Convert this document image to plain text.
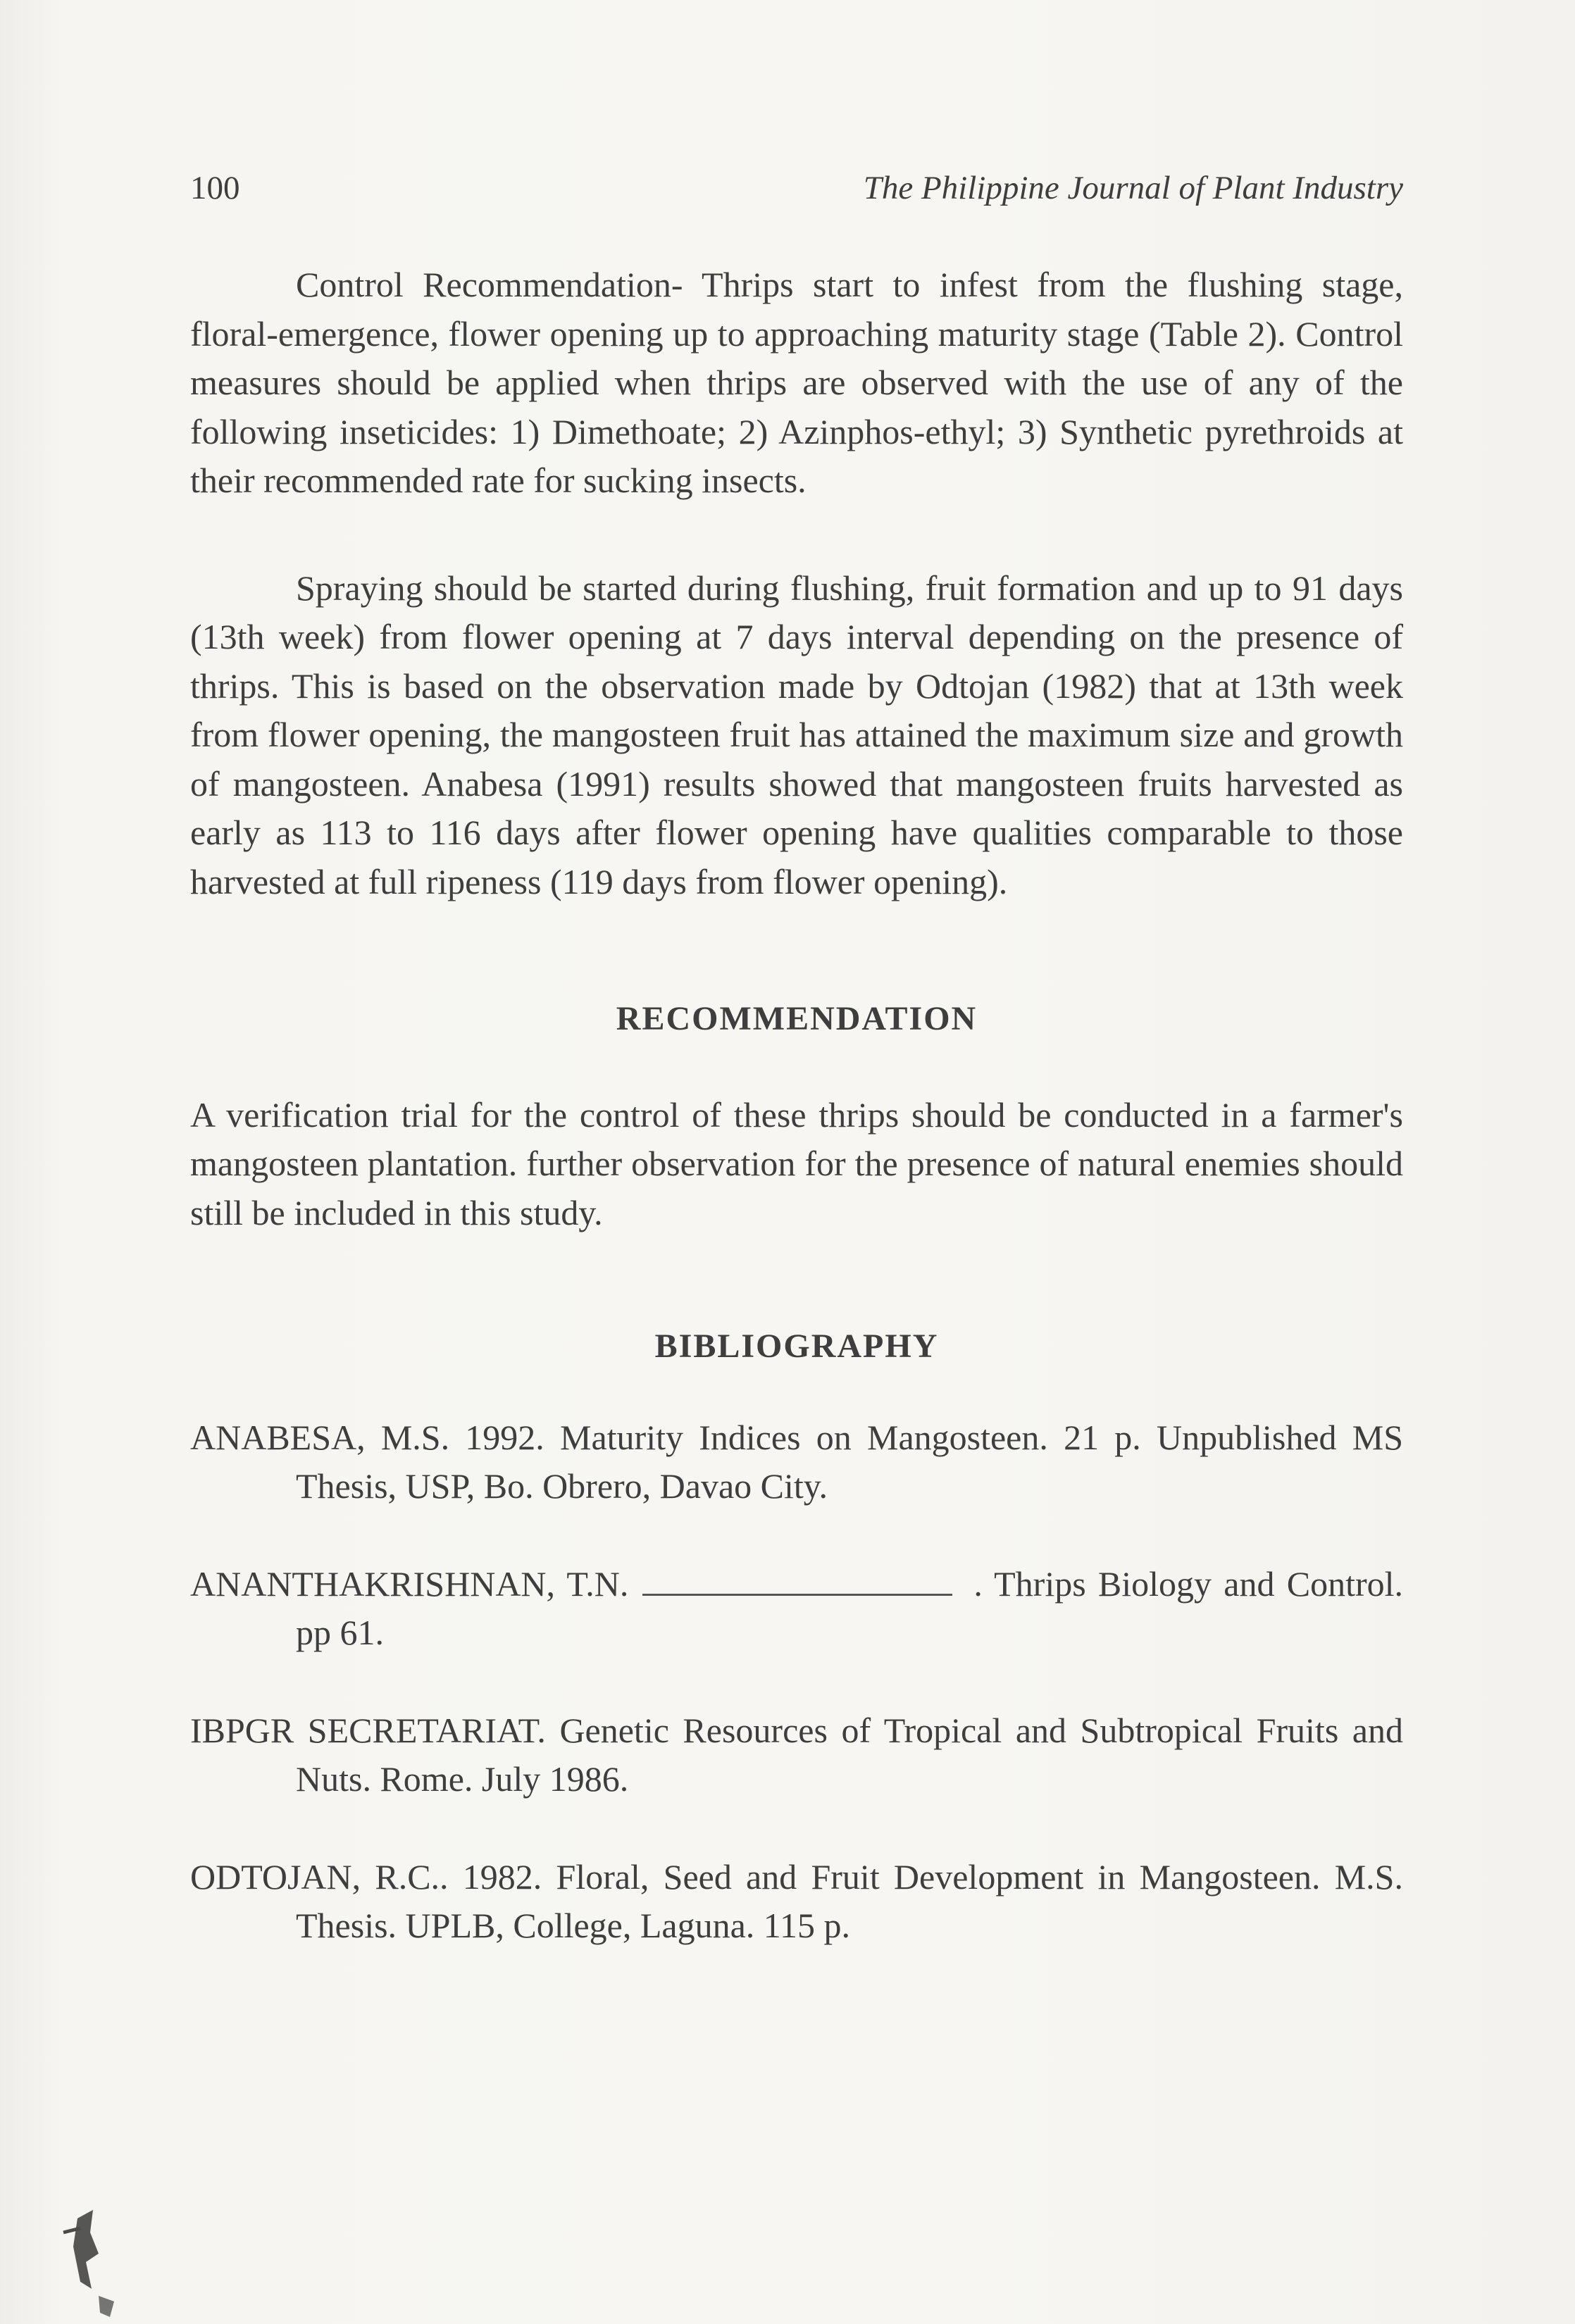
100	The Philippine Journal of Plant Industry

Control Recommendation- Thrips start to infest from the flushing stage, floral-emergence, flower opening up to approaching maturity stage (Table 2). Control measures should be applied when thrips are observed with the use of any of the following inseticides: 1) Dimethoate; 2) Azinphos-ethyl; 3) Synthetic pyrethroids at their recommended rate for sucking insects.

Spraying should be started during flushing, fruit formation and up to 91 days (13th week) from flower opening at 7 days interval depending on the presence of thrips. This is based on the observation made by Odtojan (1982) that at 13th week from flower opening, the mangosteen fruit has attained the maximum size and growth of mangosteen. Anabesa (1991) results showed that mangosteen fruits harvested as early as 113 to 116 days after flower opening have qualities comparable to those harvested at full ripeness (119 days from flower opening).

RECOMMENDATION

A verification trial for the control of these thrips should be conducted in a farmer's mangosteen plantation. further observation for the presence of natural enemies should still be included in this study.

BIBLIOGRAPHY

ANABESA, M.S. 1992. Maturity Indices on Mangosteen. 21 p. Unpublished MS Thesis, USP, Bo. Obrero, Davao City.

ANANTHAKRISHNAN, T.N.	. Thrips Biology and Control. pp 61.

IBPGR SECRETARIAT. Genetic Resources of Tropical and Subtropical Fruits and Nuts. Rome. July 1986.

ODTOJAN, R.C.. 1982. Floral, Seed and Fruit Development in Mangosteen. M.S. Thesis. UPLB, College, Laguna. 115 p.
